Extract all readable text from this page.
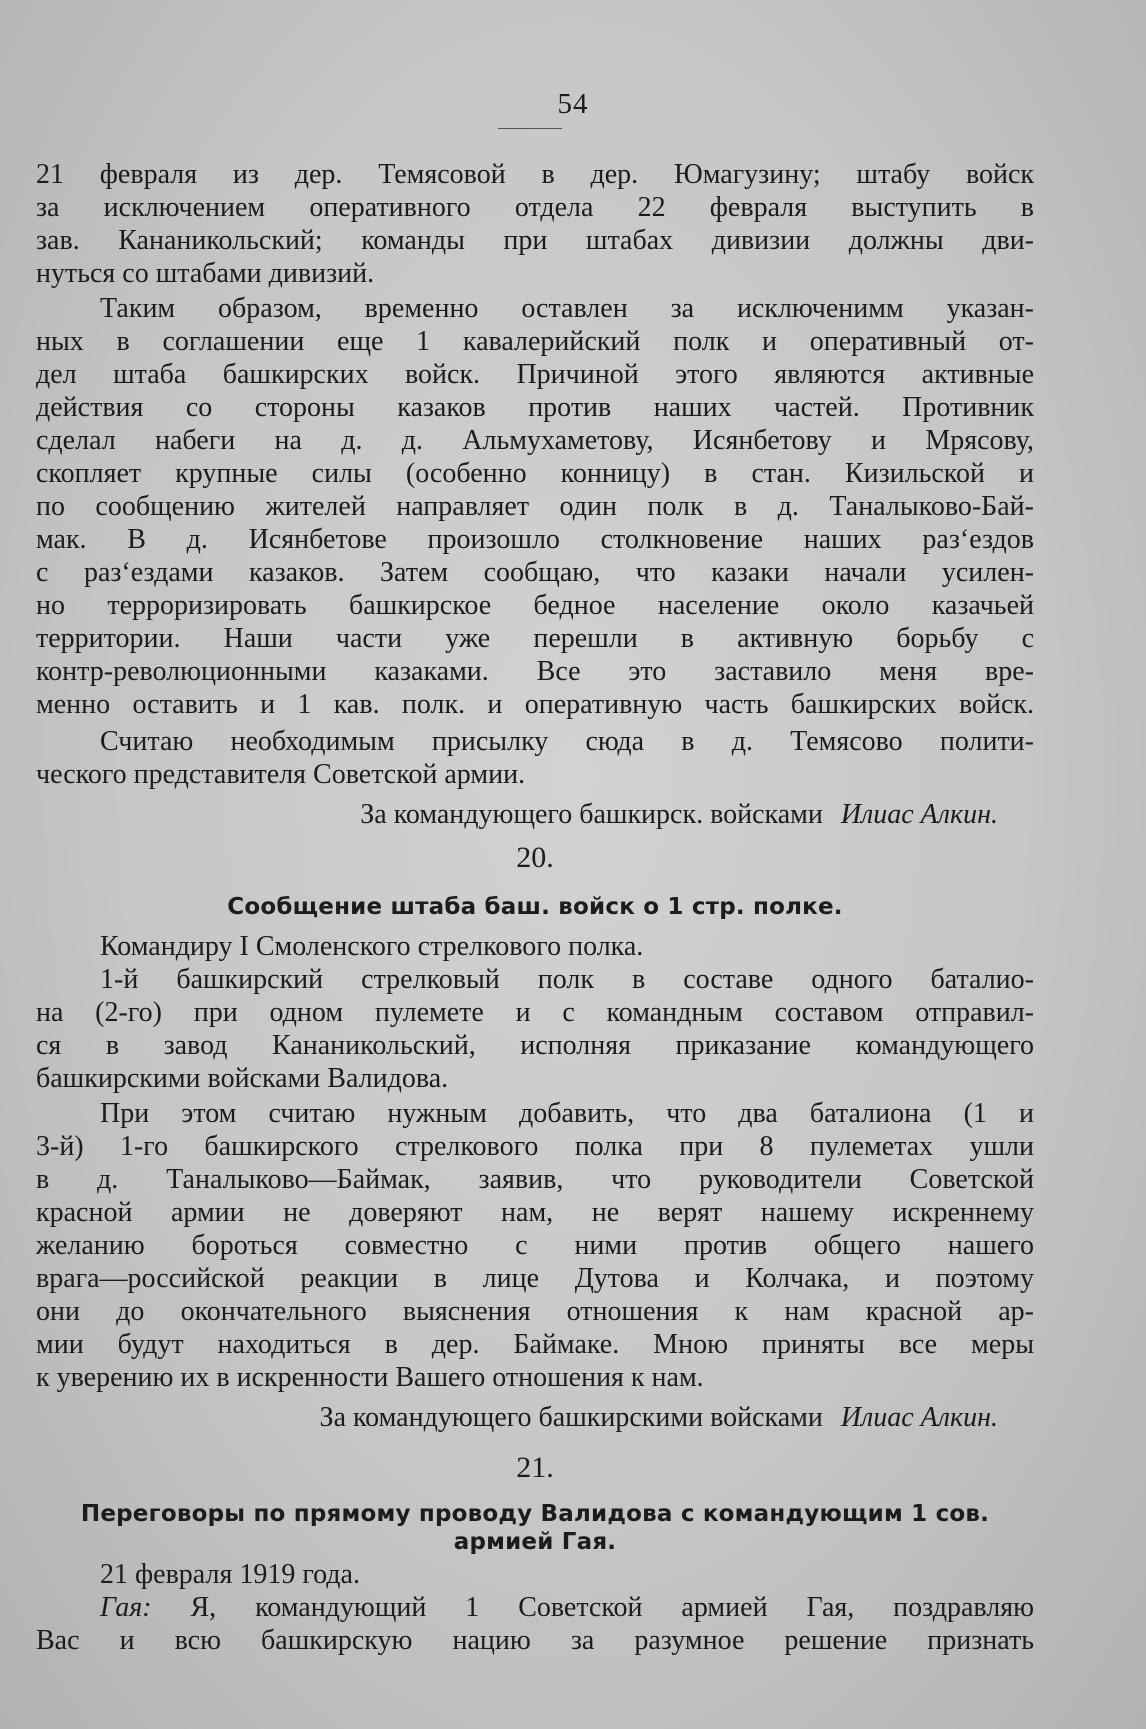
54
21 февраля из дер. Темясовой в дер. Юмагузину; штабу войск
за исключением оперативного отдела 22 февраля выступить в
зав. Кананикольский; команды при штабах дивизии должны дви-
нуться со штабами дивизий.
Таким образом, временно оставлен за исключенимм указан-
ных в соглашении еще 1 кавалерийский полк и оперативный от-
дел штаба башкирских войск. Причиной этого являются активные
действия со стороны казаков против наших частей. Противник
сделал набеги на д. д. Альмухаметову, Исянбетову и Мрясову,
скопляет крупные силы (особенно конницу) в стан. Кизильской и
по сообщению жителей направляет один полк в д. Таналыково-Бай-
мак. В д. Исянбетове произошло столкновение наших раз‘ездов
с раз‘ездами казаков. Затем сообщаю, что казаки начали усилен-
но терроризировать башкирское бедное население около казачьей
территории. Наши части уже перешли в активную борьбу с
контр-революционными казаками. Все это заставило меня вре-
менно оставить и 1 кав. полк. и оперативную часть башкирских войск.
Считаю необходимым присылку сюда в д. Темясово полити-
ческого представителя Советской армии.
За командующего башкирск. войсками Илиас Алкин.
20.
Сообщение штаба баш. войск о 1 стр. полке.
Командиру I Смоленского стрелкового полка.
1-й башкирский стрелковый полк в составе одного баталио-
на (2-го) при одном пулемете и с командным составом отправил-
ся в завод Кананикольский, исполняя приказание командующего
башкирскими войсками Валидова.
При этом считаю нужным добавить, что два баталиона (1 и
3-й) 1-го башкирского стрелкового полка при 8 пулеметах ушли
в д. Таналыково—Баймак, заявив, что руководители Советской
красной армии не доверяют нам, не верят нашему искреннему
желанию бороться совместно с ними против общего нашего
врага—российской реакции в лице Дутова и Колчака, и поэтому
они до окончательного выяснения отношения к нам красной ар-
мии будут находиться в дер. Баймаке. Мною приняты все меры
к уверению их в искренности Вашего отношения к нам.
За командующего башкирскими войсками Илиас Алкин.
21.
Переговоры по прямому проводу Валидова с командующим 1 сов.
армией Гая.
21 февраля 1919 года.
Гая: Я, командующий 1 Советской армией Гая, поздравляю
Вас и всю башкирскую нацию за разумное решение признать
